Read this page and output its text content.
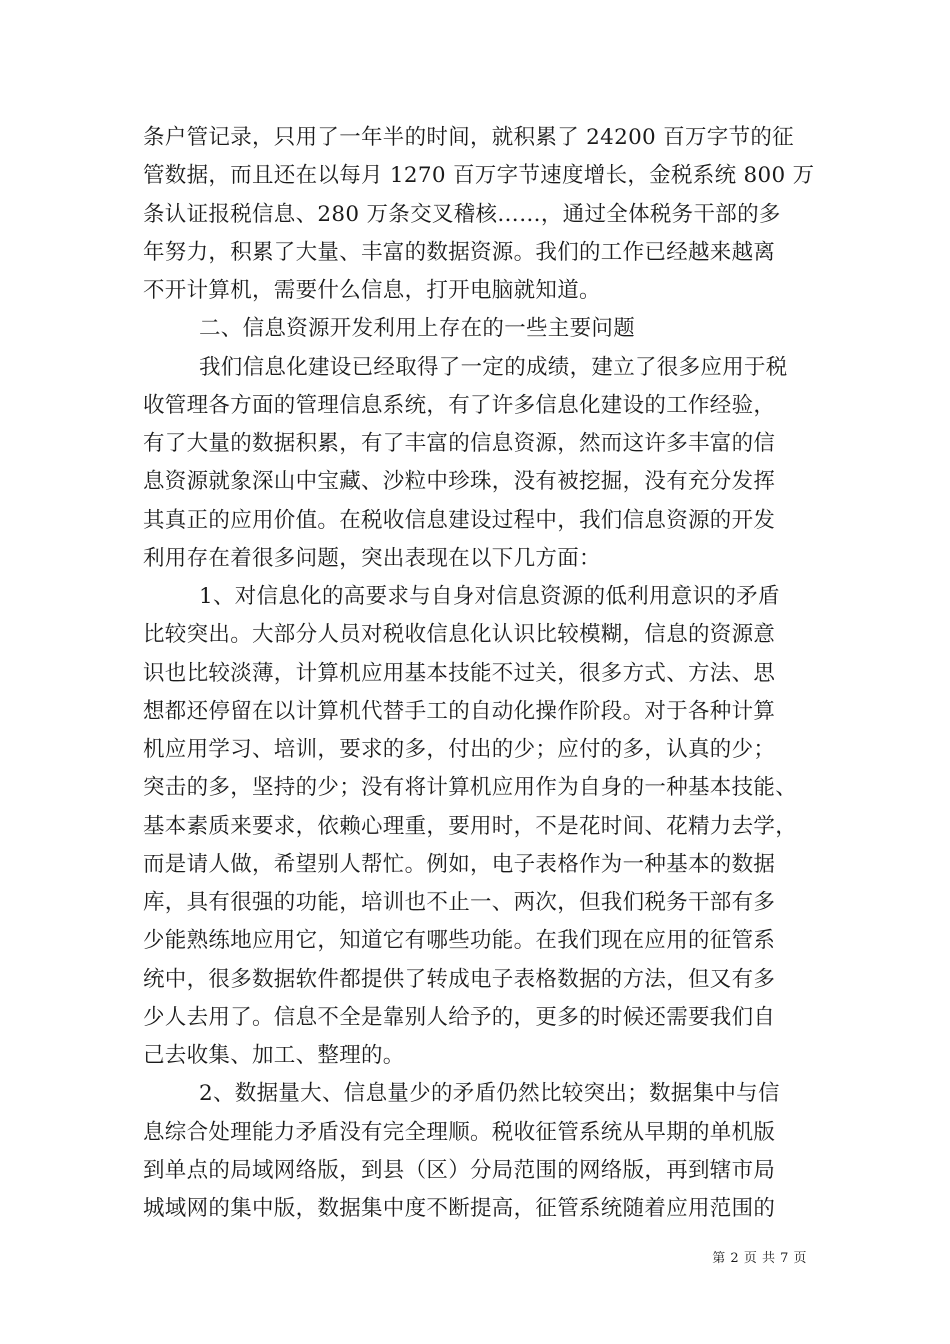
条户管记录，只用了一年半的时间，就积累了 24200 百万字节的征
管数据，而且还在以每月 1270 百万字节速度增长，金税系统 800 万
条认证报税信息、280 万条交叉稽核……，通过全体税务干部的多
年努力，积累了大量、丰富的数据资源。我们的工作已经越来越离
不开计算机，需要什么信息，打开电脑就知道。
二、信息资源开发利用上存在的一些主要问题
我们信息化建设已经取得了一定的成绩，建立了很多应用于税
收管理各方面的管理信息系统，有了许多信息化建设的工作经验，
有了大量的数据积累，有了丰富的信息资源，然而这许多丰富的信
息资源就象深山中宝藏、沙粒中珍珠，没有被挖掘，没有充分发挥
其真正的应用价值。在税收信息建设过程中，我们信息资源的开发
利用存在着很多问题，突出表现在以下几方面：
1、对信息化的高要求与自身对信息资源的低利用意识的矛盾
比较突出。大部分人员对税收信息化认识比较模糊，信息的资源意
识也比较淡薄，计算机应用基本技能不过关，很多方式、方法、思
想都还停留在以计算机代替手工的自动化操作阶段。对于各种计算
机应用学习、培训，要求的多，付出的少；应付的多，认真的少；
突击的多，坚持的少；没有将计算机应用作为自身的一种基本技能、
基本素质来要求，依赖心理重，要用时，不是花时间、花精力去学，
而是请人做，希望别人帮忙。例如，电子表格作为一种基本的数据
库，具有很强的功能，培训也不止一、两次，但我们税务干部有多
少能熟练地应用它，知道它有哪些功能。在我们现在应用的征管系
统中，很多数据软件都提供了转成电子表格数据的方法，但又有多
少人去用了。信息不全是靠别人给予的，更多的时候还需要我们自
己去收集、加工、整理的。
2、数据量大、信息量少的矛盾仍然比较突出；数据集中与信
息综合处理能力矛盾没有完全理顺。税收征管系统从早期的单机版
到单点的局域网络版，到县（区）分局范围的网络版，再到辖市局
城域网的集中版，数据集中度不断提高，征管系统随着应用范围的
第 2 页 共 7 页
